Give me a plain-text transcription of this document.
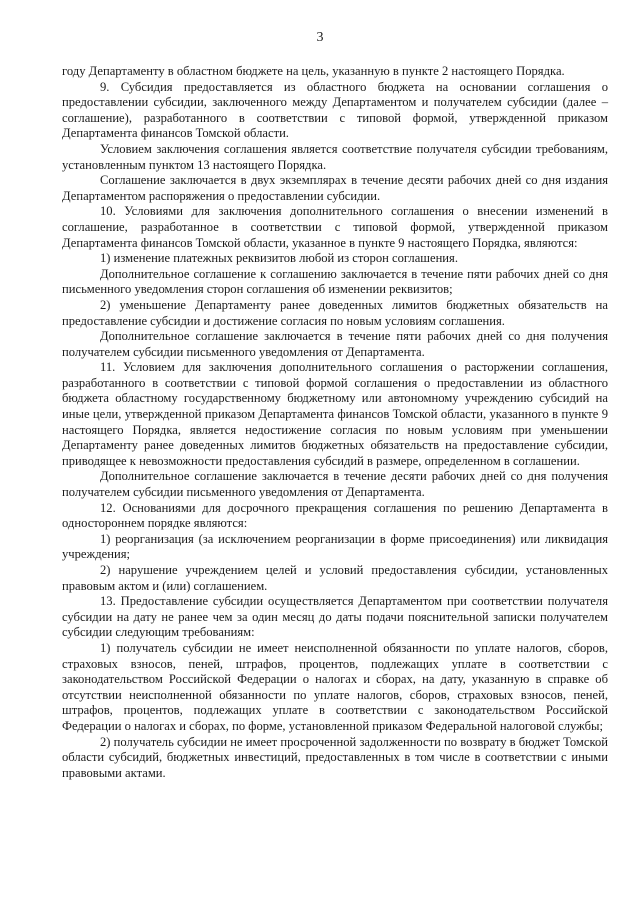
3

году Департаменту в областном бюджете на цель, указанную в пункте 2 настоящего Порядка.

9. Субсидия предоставляется из областного бюджета на основании соглашения о предоставлении субсидии, заключенного между Департаментом и получателем субсидии (далее – соглашение), разработанного в соответствии с типовой формой, утвержденной приказом Департамента финансов Томской области.

Условием заключения соглашения является соответствие получателя субсидии требованиям, установленным пунктом 13 настоящего Порядка.

Соглашение заключается в двух экземплярах в течение десяти рабочих дней со дня издания Департаментом распоряжения о предоставлении субсидии.

10. Условиями для заключения дополнительного соглашения о внесении изменений в соглашение, разработанное в соответствии с типовой формой, утвержденной приказом Департамента финансов Томской области, указанное в пункте 9 настоящего Порядка, являются:

1) изменение платежных реквизитов любой из сторон соглашения.

Дополнительное соглашение к соглашению заключается в течение пяти рабочих дней со дня письменного уведомления сторон соглашения об изменении реквизитов;

2) уменьшение Департаменту ранее доведенных лимитов бюджетных обязательств на предоставление субсидии и достижение согласия по новым условиям соглашения.

Дополнительное соглашение заключается в течение пяти рабочих дней со дня получения получателем субсидии письменного уведомления от Департамента.

11. Условием для заключения дополнительного соглашения о расторжении соглашения, разработанного в соответствии с типовой формой соглашения о предоставлении из областного бюджета областному государственному бюджетному или автономному учреждению субсидий на иные цели, утвержденной приказом Департамента финансов Томской области, указанного в пункте 9 настоящего Порядка, является недостижение согласия по новым условиям при уменьшении Департаменту ранее доведенных лимитов бюджетных обязательств на предоставление субсидии, приводящее к невозможности предоставления субсидий в размере, определенном в соглашении.

Дополнительное соглашение заключается в течение десяти рабочих дней со дня получения получателем субсидии письменного уведомления от Департамента.

12. Основаниями для досрочного прекращения соглашения по решению Департамента в одностороннем порядке являются:

1) реорганизация (за исключением реорганизации в форме присоединения) или ликвидация учреждения;

2) нарушение учреждением целей и условий предоставления субсидии, установленных правовым актом и (или) соглашением.

13. Предоставление субсидии осуществляется Департаментом при соответствии получателя субсидии на дату не ранее чем за один месяц до даты подачи пояснительной записки получателем субсидии следующим требованиям:

1) получатель субсидии не имеет неисполненной обязанности по уплате налогов, сборов, страховых взносов, пеней, штрафов, процентов, подлежащих уплате в соответствии с законодательством Российской Федерации о налогах и сборах, на дату, указанную в справке об отсутствии неисполненной обязанности по уплате налогов, сборов, страховых взносов, пеней, штрафов, процентов, подлежащих уплате в соответствии с законодательством Российской Федерации о налогах и сборах, по форме, установленной приказом Федеральной налоговой службы;

2) получатель субсидии не имеет просроченной задолженности по возврату в бюджет Томской области субсидий, бюджетных инвестиций, предоставленных в том числе в соответствии с иными правовыми актами.
